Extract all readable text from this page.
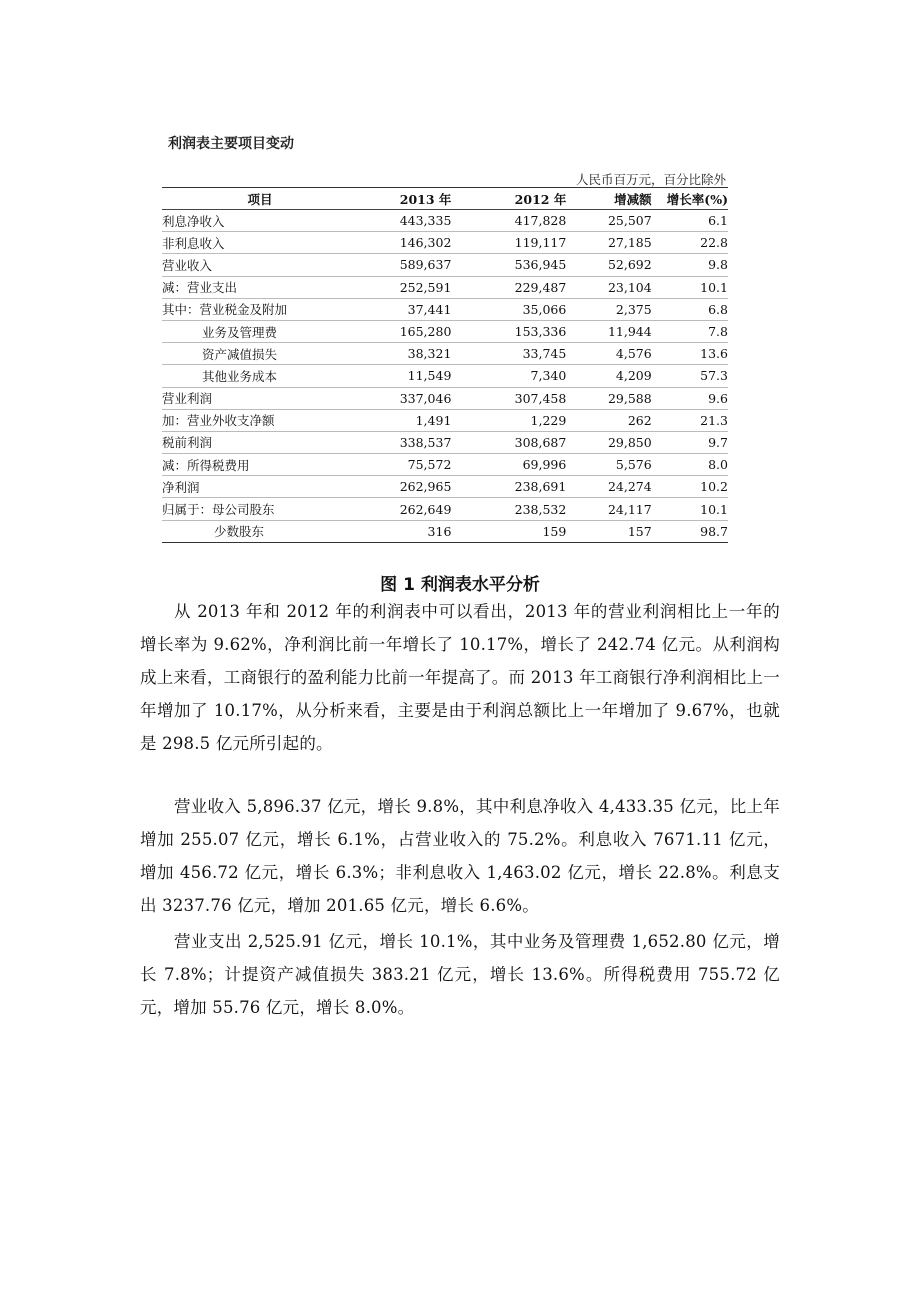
利润表主要项目变动
人民币百万元，百分比除外
项目	2013 年	2012 年	增减额	增长率(%)
利息净收入	443,335	417,828	25,507	6.1
非利息收入	146,302	119,117	27,185	22.8
营业收入	589,637	536,945	52,692	9.8
减：营业支出	252,591	229,487	23,104	10.1
其中：营业税金及附加	37,441	35,066	2,375	6.8
业务及管理费	165,280	153,336	11,944	7.8
资产减值损失	38,321	33,745	4,576	13.6
其他业务成本	11,549	7,340	4,209	57.3
营业利润	337,046	307,458	29,588	9.6
加：营业外收支净额	1,491	1,229	262	21.3
税前利润	338,537	308,687	29,850	9.7
减：所得税费用	75,572	69,996	5,576	8.0
净利润	262,965	238,691	24,274	10.2
归属于：母公司股东	262,649	238,532	24,117	10.1
少数股东	316	159	157	98.7
图 1 利润表水平分析

从 2013 年和 2012 年的利润表中可以看出，2013 年的营业利润相比上一年的增长率为 9.62%，净利润比前一年增长了 10.17%，增长了 242.74 亿元。从利润构成上来看，工商银行的盈利能力比前一年提高了。而 2013 年工商银行净利润相比上一年增加了 10.17%，从分析来看，主要是由于利润总额比上一年增加了 9.67%，也就是 298.5 亿元所引起的。

营业收入 5,896.37 亿元，增长 9.8%，其中利息净收入 4,433.35 亿元，比上年增加 255.07 亿元，增长 6.1%，占营业收入的 75.2%。利息收入 7671.11 亿元，增加 456.72 亿元，增长 6.3%；非利息收入 1,463.02 亿元，增长 22.8%。利息支出 3237.76 亿元，增加 201.65 亿元，增长 6.6%。

营业支出 2,525.91 亿元，增长 10.1%，其中业务及管理费 1,652.80 亿元，增长 7.8%；计提资产减值损失 383.21 亿元，增长 13.6%。所得税费用 755.72 亿元，增加 55.76 亿元，增长 8.0%。
